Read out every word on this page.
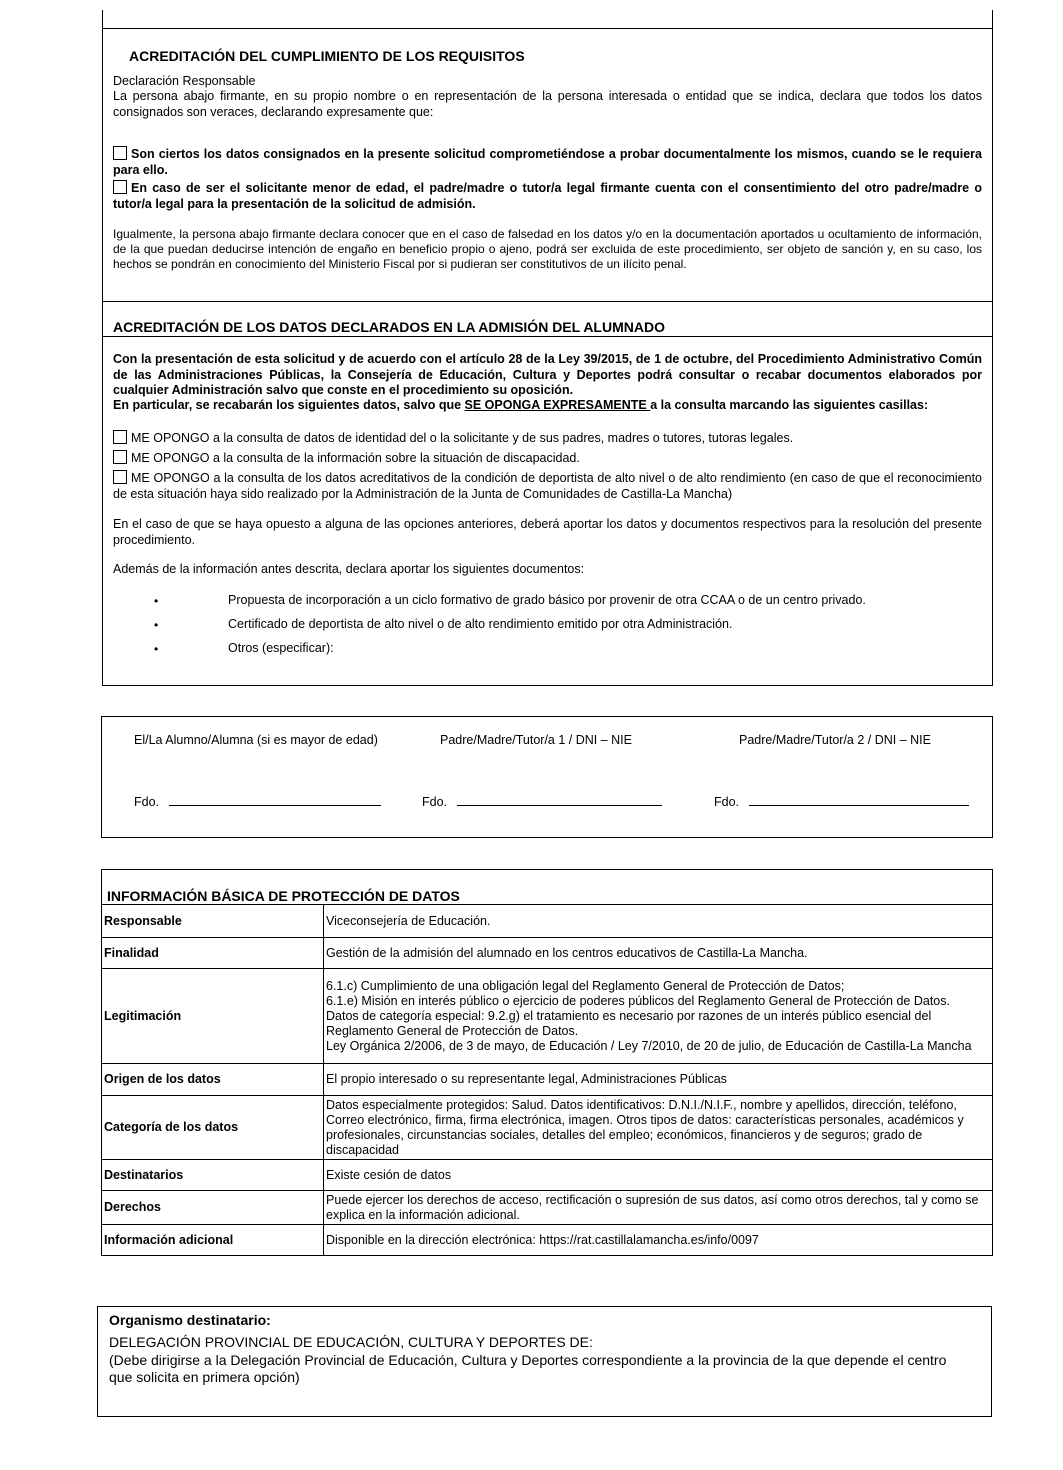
ACREDITACIÓN DEL CUMPLIMIENTO DE LOS REQUISITOS
Declaración Responsable
La persona abajo firmante, en su propio nombre o en representación de la persona interesada o entidad que se indica, declara que todos los datos consignados son veraces, declarando expresamente que:
Son ciertos los datos consignados en la presente solicitud comprometiéndose a probar documentalmente los mismos, cuando se le requiera para ello.
En caso de ser el solicitante menor de edad, el padre/madre o tutor/a legal firmante cuenta con el consentimiento del otro padre/madre o tutor/a legal para la presentación de la solicitud de admisión.
Igualmente, la persona abajo firmante declara conocer que en el caso de falsedad en los datos y/o en la documentación aportados u ocultamiento de información, de la que puedan deducirse intención de engaño en beneficio propio o ajeno, podrá ser excluida de este procedimiento, ser objeto de sanción y, en su caso, los hechos se pondrán en conocimiento del Ministerio Fiscal por si pudieran ser constitutivos de un ilícito penal.
ACREDITACIÓN DE LOS DATOS DECLARADOS EN LA ADMISIÓN DEL ALUMNADO
Con la presentación de esta solicitud y de acuerdo con el artículo 28 de la Ley 39/2015, de 1 de octubre, del Procedimiento Administrativo Común de las Administraciones Públicas, la Consejería de Educación, Cultura y Deportes podrá consultar o recabar documentos elaborados por cualquier Administración salvo que conste en el procedimiento su oposición.
En particular, se recabarán los siguientes datos, salvo que SE OPONGA EXPRESAMENTE a la consulta marcando las siguientes casillas:
ME OPONGO a la consulta de datos de identidad del o la solicitante y de sus padres, madres o tutores, tutoras legales.
ME OPONGO a la consulta de la información sobre la situación de discapacidad.
ME OPONGO a la consulta de los datos acreditativos de la condición de deportista de alto nivel o de alto rendimiento (en caso de que el reconocimiento de esta situación haya sido realizado por la Administración de la Junta de Comunidades de Castilla-La Mancha)
En el caso de que se haya opuesto a alguna de las opciones anteriores, deberá aportar los datos y documentos respectivos para la resolución del presente procedimiento.
Además de la información antes descrita, declara aportar los siguientes documentos:
•	Propuesta de incorporación a un ciclo formativo de grado básico por provenir de otra CCAA o de un centro privado.
•	Certificado de deportista de alto nivel o de alto rendimiento emitido por otra Administración.
•	Otros (especificar):
El/La Alumno/Alumna (si es mayor de edad)	Padre/Madre/Tutor/a 1 / DNI – NIE	Padre/Madre/Tutor/a 2 / DNI – NIE
Fdo.	Fdo.	Fdo.
INFORMACIÓN BÁSICA DE PROTECCIÓN DE DATOS
Responsable	Viceconsejería de Educación.
Finalidad	Gestión de la admisión del alumnado en los centros educativos de Castilla-La Mancha.
Legitimación	6.1.c) Cumplimiento de una obligación legal del Reglamento General de Protección de Datos;
6.1.e) Misión en interés público o ejercicio de poderes públicos del Reglamento General de Protección de Datos.
Datos de categoría especial: 9.2.g) el tratamiento es necesario por razones de un interés público esencial del Reglamento General de Protección de Datos.
Ley Orgánica 2/2006, de 3 de mayo, de Educación / Ley 7/2010, de 20 de julio, de Educación de Castilla-La Mancha

Origen de los datos	El propio interesado o su representante legal, Administraciones Públicas
Categoría de los datos	Datos especialmente protegidos: Salud. Datos identificativos: D.N.I./N.I.F., nombre y apellidos, dirección, teléfono, Correo electrónico, firma, firma electrónica, imagen. Otros tipos de datos: características personales, académicos y profesionales, circunstancias sociales, detalles del empleo; económicos, financieros y de seguros; grado de discapacidad
Destinatarios	Existe cesión de datos
Derechos	Puede ejercer los derechos de acceso, rectificación o supresión de sus datos, así como otros derechos, tal y como se explica en la información adicional.
Información adicional	Disponible en la dirección electrónica: https://rat.castillalamancha.es/info/0097
Organismo destinatario:
DELEGACIÓN PROVINCIAL DE EDUCACIÓN, CULTURA Y DEPORTES DE:
(Debe dirigirse a la Delegación Provincial de Educación, Cultura y Deportes correspondiente a la provincia de la que depende el centro que solicita en primera opción)
